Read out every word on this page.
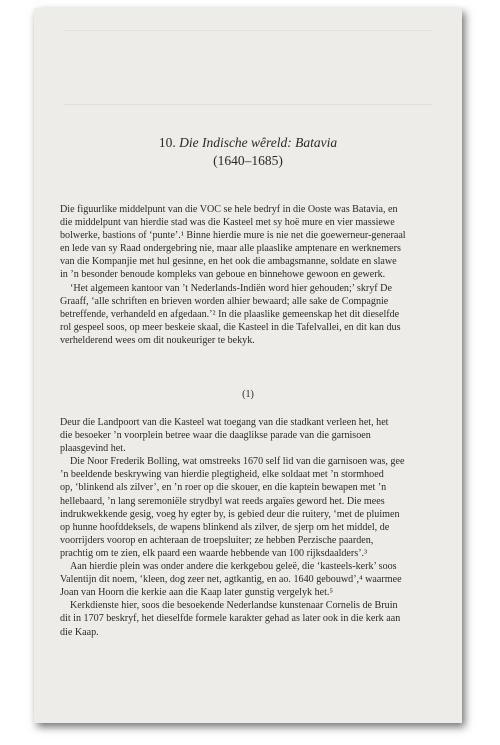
10. Die Indische wêreld: Batavia
(1640–1685)
Die figuurlike middelpunt van die VOC se hele bedryf in die Ooste was Batavia, en
die middelpunt van hierdie stad was die Kasteel met sy hoë mure en vier massiewe
bolwerke, bastions of ‘punte’.¹ Binne hierdie mure is nie net die goewerneur-generaal
en lede van sy Raad ondergebring nie, maar alle plaaslike amptenare en werknemers
van die Kompanjie met hul gesinne, en het ook die ambagsmanne, soldate en slawe
in ’n besonder benoude kompleks van geboue en binnehowe gewoon en gewerk.
‘Het algemeen kantoor van ’t Nederlands-Indiën word hier gehouden;’ skryf De
Graaff, ‘alle schriften en brieven worden alhier bewaard; alle sake de Compagnie
betreffende, verhandeld en afgedaan.’² In die plaaslike gemeenskap het dit dieselfde
rol gespeel soos, op meer beskeie skaal, die Kasteel in die Tafelvallei, en dit kan dus
verhelderend wees om dit noukeuriger te bekyk.
(1)
Deur die Landpoort van die Kasteel wat toegang van die stadkant verleen het, het
die besoeker ’n voorplein betree waar die daaglikse parade van die garnisoen
plaasgevind het.
Die Noor Frederik Bolling, wat omstreeks 1670 self lid van die garnisoen was, gee
’n beeldende beskrywing van hierdie plegtigheid, elke soldaat met ’n stormhoed
op, ‘blinkend als zilver’, en ’n roer op die skouer, en die kaptein bewapen met ’n
hellebaard, ’n lang seremoniële strydbyl wat reeds argaïes geword het. Die mees
indrukwekkende gesig, voeg hy egter by, is gebied deur die ruitery, ‘met de pluimen
op hunne hoofddeksels, de wapens blinkend als zilver, de sjerp om het middel, de
voorrijders voorop en achteraan de troepsluiter; ze hebben Perzische paarden,
prachtig om te zien, elk paard een waarde hebbende van 100 rijksdaalders’.³
Aan hierdie plein was onder andere die kerkgebou geleë, die ‘kasteels-kerk’ soos
Valentijn dit noem, ‘kleen, dog zeer net, agtkantig, en ao. 1640 gebouwd’,⁴ waarmee
Joan van Hoorn die kerkie aan die Kaap later gunstig vergelyk het.⁵
Kerkdienste hier, soos die besoekende Nederlandse kunstenaar Cornelis de Bruin
dit in 1707 beskryf, het dieselfde formele karakter gehad as later ook in die kerk aan
die Kaap.
